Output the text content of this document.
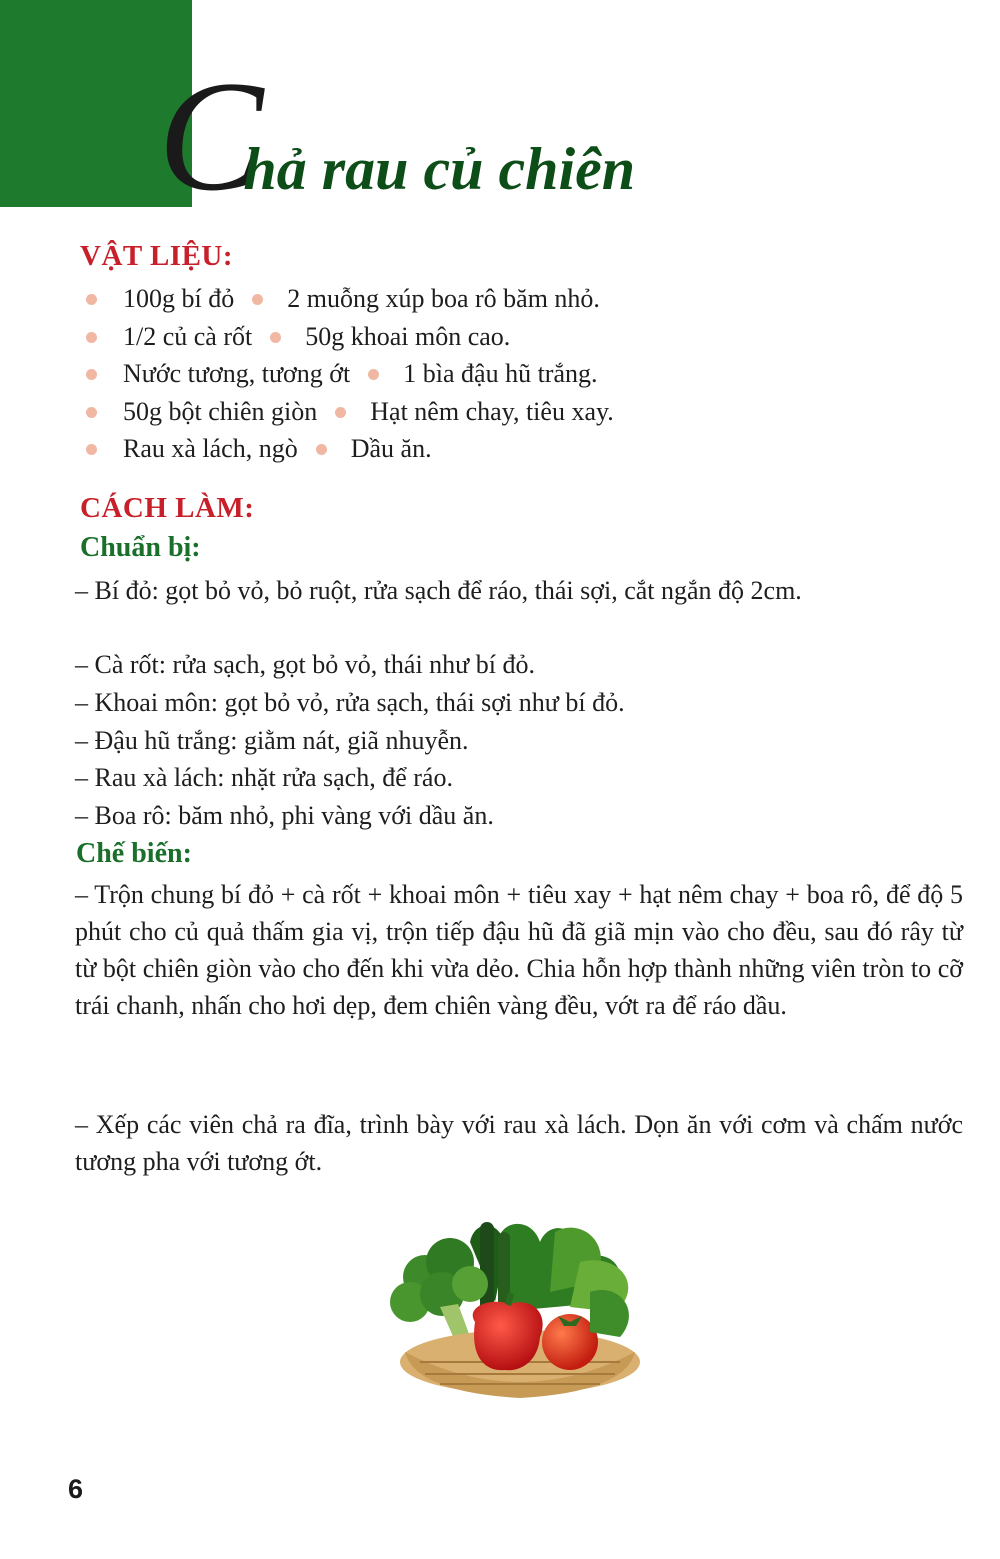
Chả rau củ chiên
VẬT LIỆU:
100g bí đỏ 2 muỗng xúp boa rô băm nhỏ.
1/2 củ cà rốt 50g khoai môn cao.
Nước tương, tương ớt 1 bìa đậu hũ trắng.
50g bột chiên giòn Hạt nêm chay, tiêu xay.
Rau xà lách, ngò Dầu ăn.
CÁCH LÀM:
Chuẩn bị:
– Bí đỏ: gọt bỏ vỏ, bỏ ruột, rửa sạch để ráo, thái sợi, cắt ngắn độ 2cm.
– Cà rốt: rửa sạch, gọt bỏ vỏ, thái như bí đỏ.
– Khoai môn: gọt bỏ vỏ, rửa sạch, thái sợi như bí đỏ.
– Đậu hũ trắng: giằm nát, giã nhuyễn.
– Rau xà lách: nhặt rửa sạch, để ráo.
– Boa rô: băm nhỏ, phi vàng với dầu ăn.
Chế biến:
– Trộn chung bí đỏ + cà rốt + khoai môn + tiêu xay + hạt nêm chay + boa rô, để độ 5 phút cho củ quả thấm gia vị, trộn tiếp đậu hũ đã giã mịn vào cho đều, sau đó rây từ từ bột chiên giòn vào cho đến khi vừa dẻo. Chia hỗn hợp thành những viên tròn to cỡ trái chanh, nhấn cho hơi dẹp, đem chiên vàng đều, vớt ra để ráo dầu.
– Xếp các viên chả ra đĩa, trình bày với rau xà lách. Dọn ăn với cơm và chấm nước tương pha với tương ớt.
6
